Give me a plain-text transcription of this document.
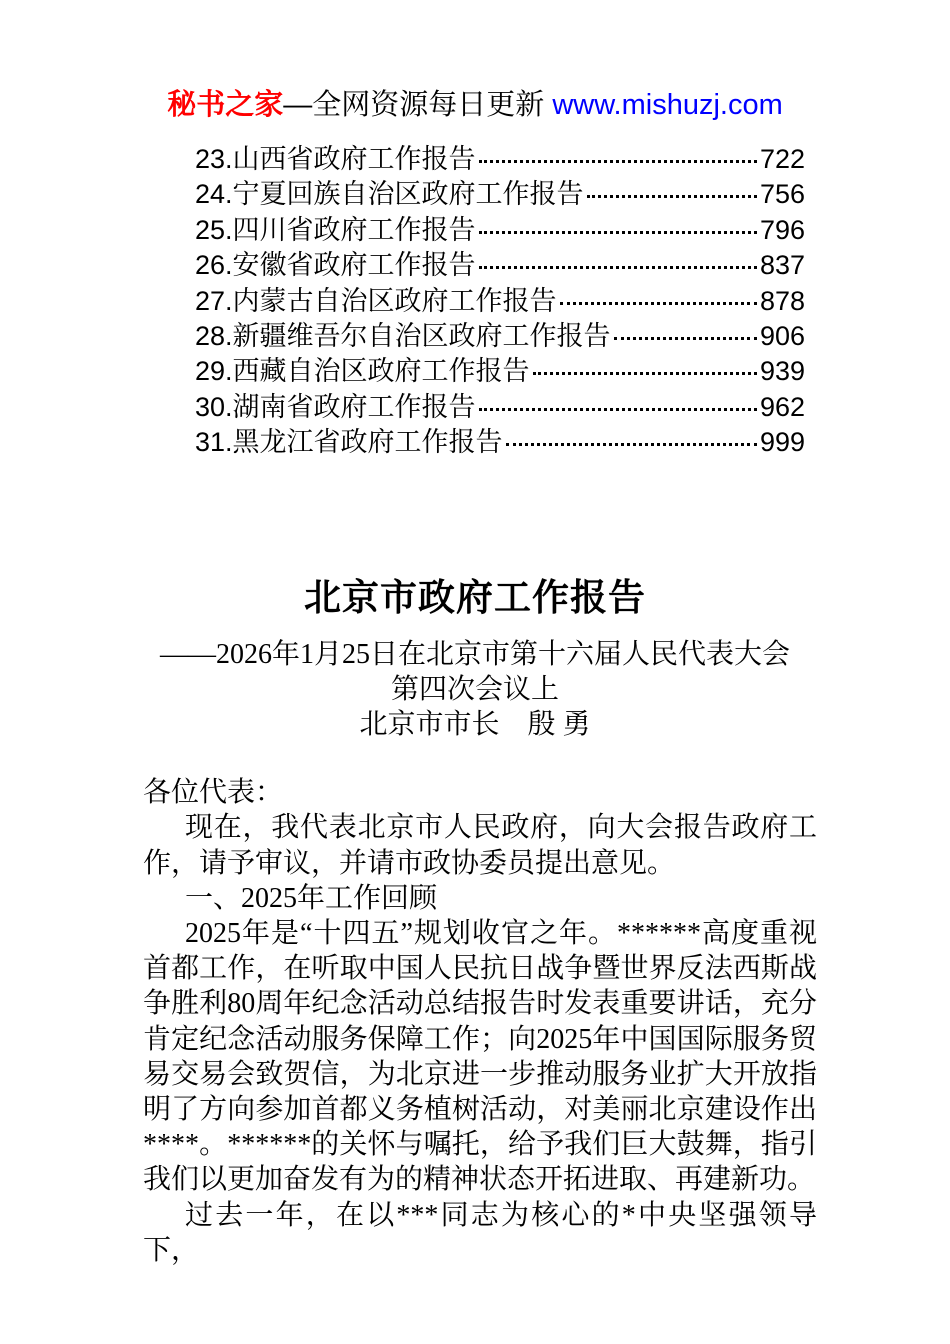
秘书之家—全网资源每日更新 www.mishuzj.com
23.山西省政府工作报告	722
24.宁夏回族自治区政府工作报告	756
25.四川省政府工作报告	796
26.安徽省政府工作报告	837
27.内蒙古自治区政府工作报告	878
28.新疆维吾尔自治区政府工作报告	906
29.西藏自治区政府工作报告	939
30.湖南省政府工作报告	962
31.黑龙江省政府工作报告	999
北京市政府工作报告
——2026年1月25日在北京市第十六届人民代表大会
第四次会议上
北京市市长　殷 勇

各位代表：

现在，我代表北京市人民政府，向大会报告政府工作，请予审议，并请市政协委员提出意见。

一、2025年工作回顾

2025年是“十四五”规划收官之年。******高度重视首都工作，在听取中国人民抗日战争暨世界反法西斯战争胜利80周年纪念活动总结报告时发表重要讲话，充分肯定纪念活动服务保障工作；向2025年中国国际服务贸易交易会致贺信，为北京进一步推动服务业扩大开放指明了方向参加首都义务植树活动，对美丽北京建设作出****。******的关怀与嘱托，给予我们巨大鼓舞，指引我们以更加奋发有为的精神状态开拓进取、再建新功。

过去一年，在以***同志为核心的*中央坚强领导下，
